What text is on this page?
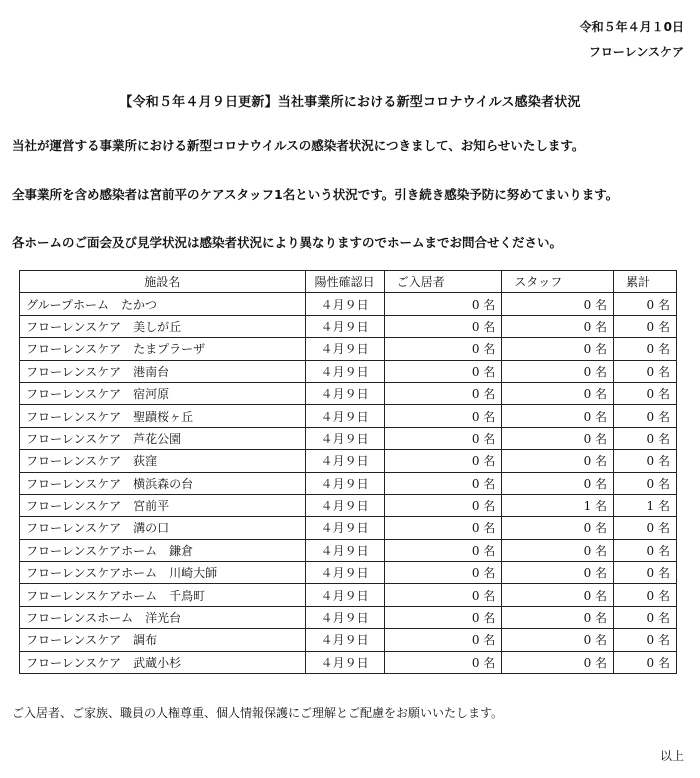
令和５年４月１0日
フローレンスケア
【令和５年４月９日更新】当社事業所における新型コロナウイルス感染者状況
当社が運営する事業所における新型コロナウイルスの感染者状況につきまして、お知らせいたします。
全事業所を含め感染者は宮前平のケアスタッフ1名という状況です。引き続き感染予防に努めてまいります。
各ホームのご面会及び見学状況は感染者状況により異なりますのでホームまでお問合せください。
施設名	陽性確認日	ご入居者	スタッフ	累計
グループホーム　たかつ	４月９日	0 名	0 名	0 名
フローレンスケア　美しが丘	４月９日	0 名	0 名	0 名
フローレンスケア　たまプラーザ	４月９日	0 名	0 名	0 名
フローレンスケア　港南台	４月９日	0 名	0 名	0 名
フローレンスケア　宿河原	４月９日	0 名	0 名	0 名
フローレンスケア　聖蹟桜ヶ丘	４月９日	0 名	0 名	0 名
フローレンスケア　芦花公園	４月９日	0 名	0 名	0 名
フローレンスケア　荻窪	４月９日	0 名	0 名	0 名
フローレンスケア　横浜森の台	４月９日	0 名	0 名	0 名
フローレンスケア　宮前平	４月９日	0 名	1 名	1 名
フローレンスケア　溝の口	４月９日	0 名	0 名	0 名
フローレンスケアホーム　鎌倉	４月９日	0 名	0 名	0 名
フローレンスケアホーム　川崎大師	４月９日	0 名	0 名	0 名
フローレンスケアホーム　千鳥町	４月９日	0 名	0 名	0 名
フローレンスホーム　洋光台	４月９日	0 名	0 名	0 名
フローレンスケア　調布	４月９日	0 名	0 名	0 名
フローレンスケア　武蔵小杉	４月９日	0 名	0 名	0 名
ご入居者、ご家族、職員の人権尊重、個人情報保護にご理解とご配慮をお願いいたします。
以上
